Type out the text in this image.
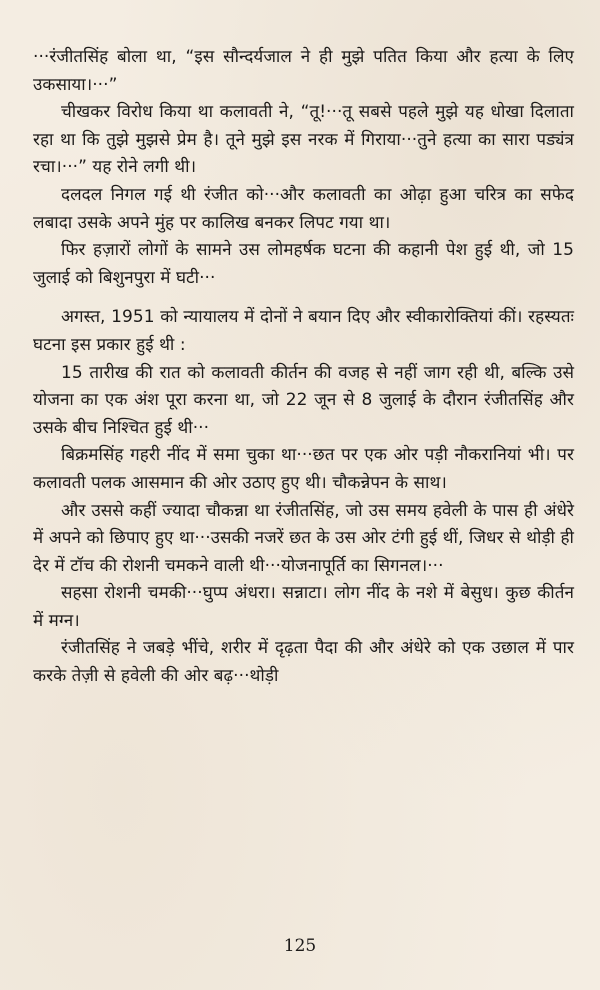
···रंजीतसिंह बोला था, “इस सौन्दर्यजाल ने ही मुझे पतित किया और हत्या के लिए उकसाया।···”

चीखकर विरोध किया था कलावती ने, “तू!···तू सबसे पहले मुझे यह धोखा दिलाता रहा था कि तुझे मुझसे प्रेम है। तूने मुझे इस नरक में गिराया···तुने हत्या का सारा पड्यंत्र रचा।···” यह रोने लगी थी।

दलदल निगल गई थी रंजीत को···और कलावती का ओढ़ा हुआ चरित्र का सफेद लबादा उसके अपने मुंह पर कालिख बनकर लिपट गया था।

फिर हज़ारों लोगों के सामने उस लोमहर्षक घटना की कहानी पेश हुई थी, जो 15 जुलाई को बिशुनपुरा में घटी···

अगस्त, 1951 को न्यायालय में दोनों ने बयान दिए और स्वीकारोक्तियां कीं। रहस्यतः घटना इस प्रकार हुई थी :

15 तारीख की रात को कलावती कीर्तन की वजह से नहीं जाग रही थी, बल्कि उसे योजना का एक अंश पूरा करना था, जो 22 जून से 8 जुलाई के दौरान रंजीतसिंह और उसके बीच निश्चित हुई थी···

बिक्रमसिंह गहरी नींद में समा चुका था···छत पर एक ओर पड़ी नौकरानियां भी। पर कलावती पलक आसमान की ओर उठाए हुए थी। चौकन्नेपन के साथ।

और उससे कहीं ज्यादा चौकन्ना था रंजीतसिंह, जो उस समय हवेली के पास ही अंधेरे में अपने को छिपाए हुए था···उसकी नजरें छत के उस ओर टंगी हुई थीं, जिधर से थोड़ी ही देर में टॉच की रोशनी चमकने वाली थी···योजनापूर्ति का सिगनल।···

सहसा रोशनी चमकी···घुप्प अंधरा। सन्नाटा। लोग नींद के नशे में बेसुध। कुछ कीर्तन में मग्न।

रंजीतसिंह ने जबड़े भींचे, शरीर में दृढ़ता पैदा की और अंधेरे को एक उछाल में पार करके तेज़ी से हवेली की ओर बढ़···थोड़ी

125
